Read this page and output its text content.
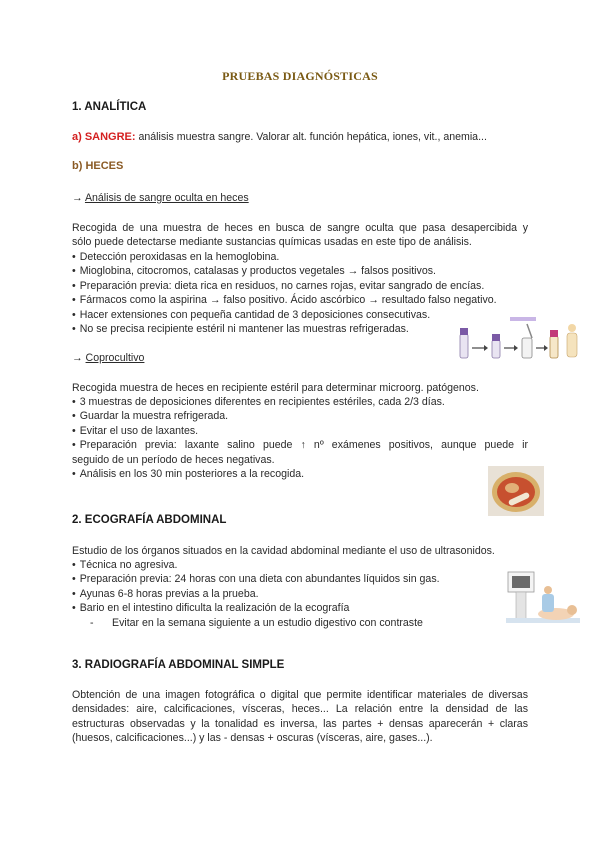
PRUEBAS DIAGNÓSTICAS
1. ANALÍTICA
a) SANGRE: análisis muestra sangre. Valorar alt. función hepática, iones, vit., anemia...
b) HECES
→ Análisis de sangre oculta en heces
Recogida de una muestra de heces en busca de sangre oculta que pasa desapercibida y
sólo puede detectarse mediante sustancias químicas usadas en este tipo de análisis.
• Detección peroxidasas en la hemoglobina.
• Mioglobina, citocromos, catalasas y productos vegetales → falsos positivos.
• Preparación previa: dieta rica en residuos, no carnes rojas, evitar sangrado de encías.
• Fármacos como la aspirina → falso positivo. Ácido ascórbico → resultado falso negativo.
• Hacer extensiones con pequeña cantidad de 3 deposiciones consecutivas.
• No se precisa recipiente estéril ni mantener las muestras refrigeradas.
→ Coprocultivo
Recogida muestra de heces en recipiente estéril para determinar microorg. patógenos.
• 3 muestras de deposiciones diferentes en recipientes estériles, cada 2/3 días.
• Guardar la muestra refrigerada.
• Evitar el uso de laxantes.
• Preparación previa: laxante salino puede ↑ nº exámenes positivos, aunque puede ir
seguido de un período de heces negativas.
• Análisis en los 30 min posteriores a la recogida.
2. ECOGRAFÍA ABDOMINAL
Estudio de los órganos situados en la cavidad abdominal mediante el uso de ultrasonidos.
• Técnica no agresiva.
• Preparación previa: 24 horas con una dieta con abundantes líquidos sin gas.
• Ayunas 6-8 horas previas a la prueba.
• Bario en el intestino dificulta la realización de la ecografía
- Evitar en la semana siguiente a un estudio digestivo con contraste
3. RADIOGRAFÍA ABDOMINAL SIMPLE
Obtención de una imagen fotográfica o digital que permite identificar materiales de diversas
densidades: aire, calcificaciones, vísceras, heces... La relación entre la densidad de las
estructuras observadas y la tonalidad es inversa, las partes + densas aparecerán + claras
(huesos, calcificaciones...) y las - densas + oscuras (vísceras, aire, gases...).
